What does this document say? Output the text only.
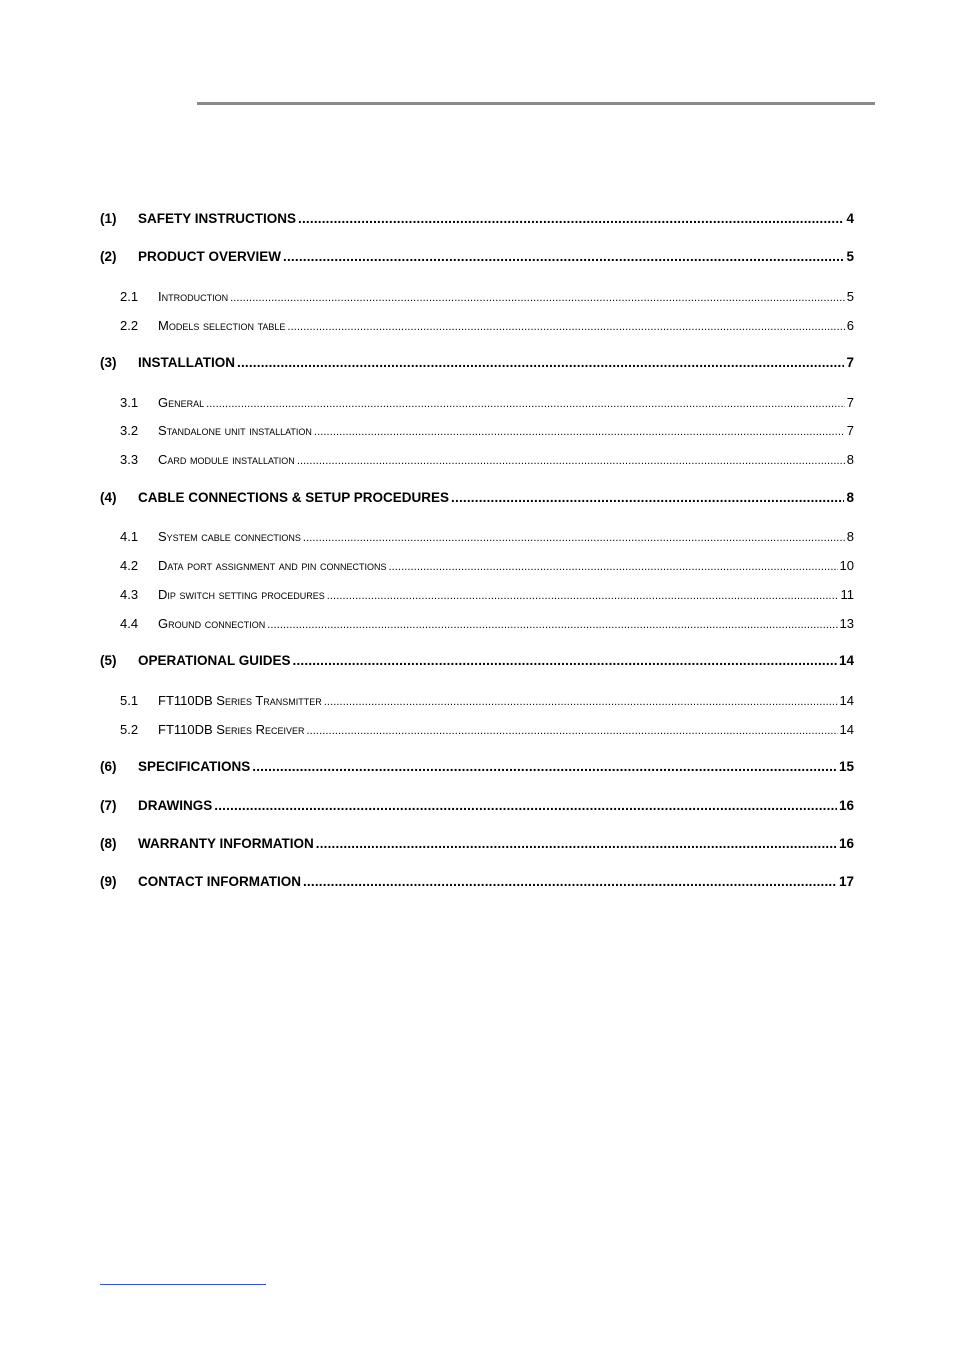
(1)	SAFETY INSTRUCTIONS .....	4
(2)	PRODUCT OVERVIEW .....	5
2.1	Introduction .....	5
2.2	Models selection table .....	6
(3)	INSTALLATION .....	7
3.1	General .....	7
3.2	Standalone unit installation .....	7
3.3	Card module installation .....	8
(4)	CABLE CONNECTIONS & SETUP PROCEDURES .....	8
4.1	System cable connections .....	8
4.2	Data port assignment and pin connections .....	10
4.3	Dip switch setting procedures .....	11
4.4	Ground connection .....	13
(5)	OPERATIONAL GUIDES .....	14
5.1	FT110DB Series Transmitter .....	14
5.2	FT110DB Series Receiver .....	14
(6)	SPECIFICATIONS .....	15
(7)	DRAWINGS .....	16
(8)	WARRANTY INFORMATION .....	16
(9)	CONTACT INFORMATION .....	17
